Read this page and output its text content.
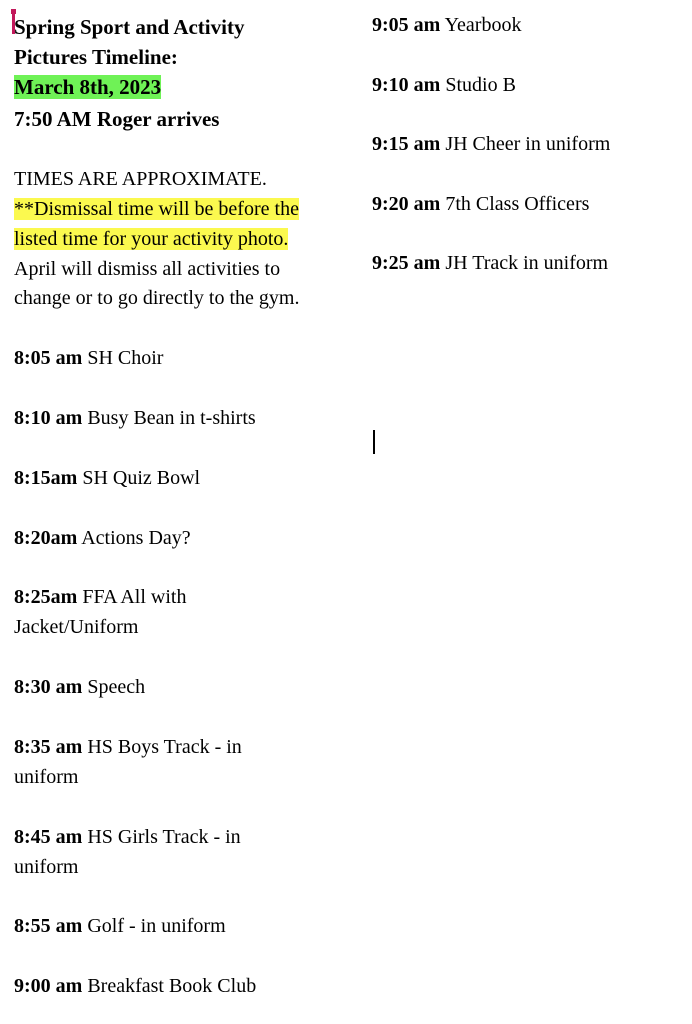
Spring Sport and Activity
Pictures Timeline:
March 8th, 2023
7:50 AM Roger arrives
TIMES ARE APPROXIMATE.
**Dismissal time will be before the
listed time for your activity photo.
April will dismiss all activities to
change or to go directly to the gym.
8:05 am SH Choir
8:10 am Busy Bean in t-shirts
8:15am SH Quiz Bowl
8:20am Actions Day?
8:25am FFA All with
Jacket/Uniform
8:30 am Speech
8:35 am HS Boys Track - in
uniform
8:45 am HS Girls Track - in
uniform
8:55 am Golf - in uniform
9:00 am Breakfast Book Club
9:05 am Yearbook
9:10 am Studio B
9:15 am JH Cheer in uniform
9:20 am 7th Class Officers
9:25 am JH Track in uniform
